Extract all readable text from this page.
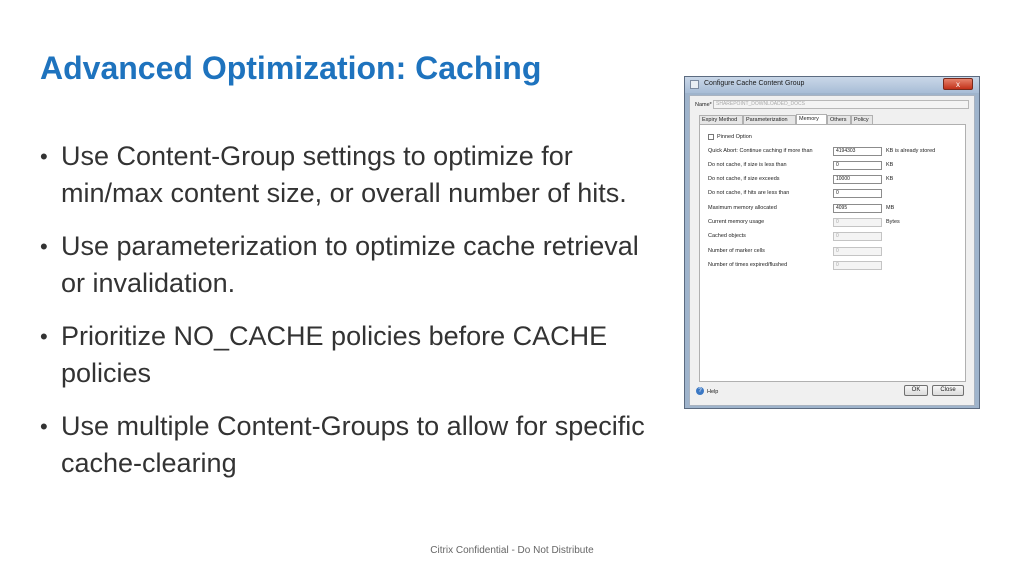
Advanced Optimization: Caching
• Use Content-Group settings to optimize for min/max content size, or overall number of hits.
• Use parameterization to optimize cache retrieval or invalidation.
• Prioritize NO_CACHE policies before CACHE policies
• Use multiple Content-Groups to allow for specific cache-clearing
Configure Cache Content Group	x
Name* SHAREPOINT_DOWNLOADED_DOCS
Expiry Method	Parameterization	Memory	Others	Policy
Pinned Option
Quick Abort: Continue caching if more than	4194303	KB is already stored
Do not cache, if size is less than	0	KB
Do not cache, if size exceeds	10000	KB
Do not cache, if hits are less than	0
Maximum memory allocated	4095	MB
Current memory usage	0	Bytes
Cached objects	0
Number of marker cells	0
Number of times expired/flushed	0
? Help	OK	Close
Citrix Confidential - Do Not Distribute
